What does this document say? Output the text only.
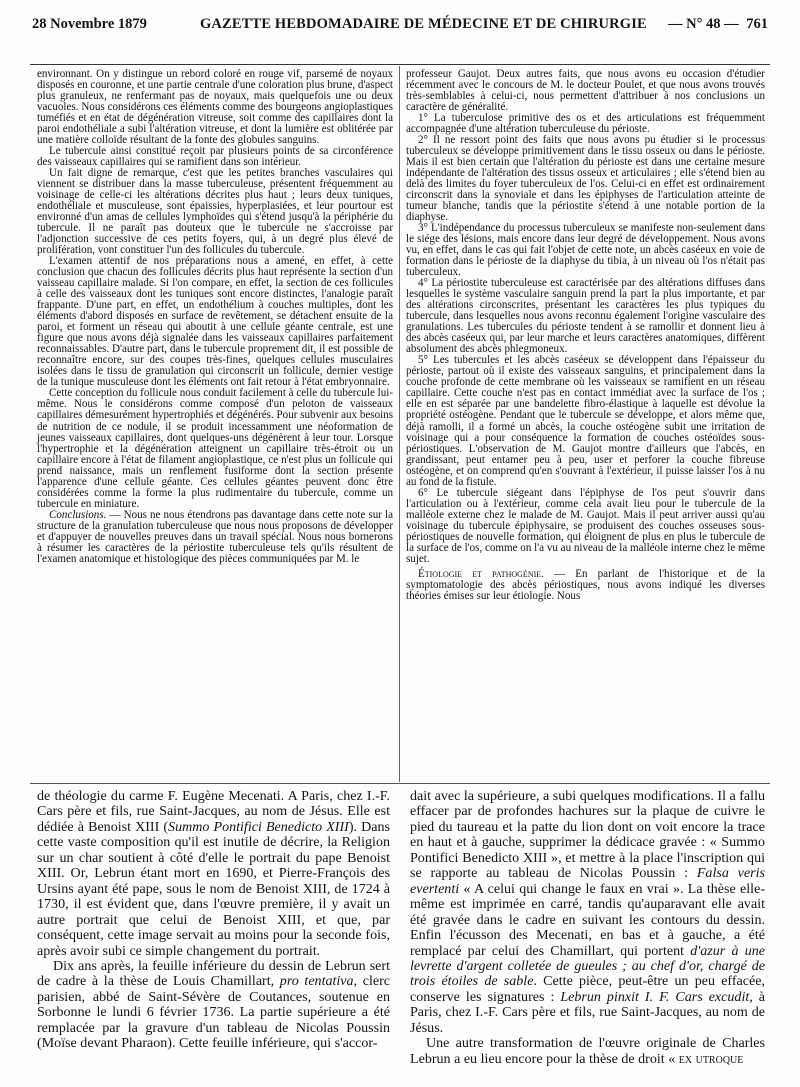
28 Novembre 1879	GAZETTE HEBDOMADAIRE DE MÉDECINE ET DE CHIRURGIE — N° 48 — 761

environnant. On y distingue un rebord coloré en rouge vif, parsemé de noyaux disposés en couronne, et une partie centrale d'une coloration plus brune, d'aspect plus granuleux, ne renfermant pas de noyaux, mais quelquefois une ou deux vacuoles. Nous considérons ces éléments comme des bourgeons angioplastiques tuméfiés et en état de dégénération vitreuse, soit comme des capillaires dont la paroi endothéliale a subi l'altération vitreuse, et dont la lumière est oblitérée par une matière colloïde résultant de la fonte des globules sanguins.

Le tubercule ainsi constitué reçoit par plusieurs points de sa circonférence des vaisseaux capillaires qui se ramifient dans son intérieur.

Un fait digne de remarque, c'est que les petites branches vasculaires qui viennent se distribuer dans la masse tuberculeuse, présentent fréquemment au voisinage de celle-ci les altérations décrites plus haut ; leurs deux tuniques, endothéliale et musculeuse, sont épaissies, hyperplasiées, et leur pourtour est environné d'un amas de cellules lymphoïdes qui s'étend jusqu'à la périphérie du tubercule. Il ne paraît pas douteux que le tubercule ne s'accroisse par l'adjonction successive de ces petits foyers, qui, à un degré plus élevé de prolifération, vont constituer l'un des follicules du tubercule.

L'examen attentif de nos préparations nous a amené, en effet, à cette conclusion que chacun des follicules décrits plus haut représente la section d'un vaisseau capillaire malade. Si l'on compare, en effet, la section de ces follicules à celle des vaisseaux dont les tuniques sont encore distinctes, l'analogie paraît frappante. D'une part, en effet, un endothélium à couches multiples, dont les éléments d'abord disposés en surface de revêtement, se détachent ensuite de la paroi, et forment un réseau qui aboutit à une cellule géante centrale, est une figure que nous avons déjà signalée dans les vaisseaux capillaires parfaitement reconnaissables. D'autre part, dans le tubercule proprement dit, il est possible de reconnaître encore, sur des coupes très-fines, quelques cellules musculaires isolées dans le tissu de granulation qui circonscrit un follicule, dernier vestige de la tunique musculeuse dont les éléments ont fait retour à l'état embryonnaire.

Cette conception du follicule nous conduit facilement à celle du tubercule lui-même. Nous le considérons comme composé d'un peloton de vaisseaux capillaires démesurément hypertrophiés et dégénérés. Pour subvenir aux besoins de nutrition de ce nodule, il se produit incessamment une néoformation de jeunes vaisseaux capillaires, dont quelques-uns dégénèrent à leur tour. Lorsque l'hypertrophie et la dégénération atteignent un capillaire très-étroit ou un capillaire encore à l'état de filament angioplastique, ce n'est plus un follicule qui prend naissance, mais un renflement fusiforme dont la section présente l'apparence d'une cellule géante. Ces cellules géantes peuvent donc être considérées comme la forme la plus rudimentaire du tubercule, comme un tubercule en miniature.

Conclusions. — Nous ne nous étendrons pas davantage dans cette note sur la structure de la granulation tuberculeuse que nous nous proposons de développer et d'appuyer de nouvelles preuves dans un travail spécial. Nous nous bornerons à résumer les caractères de la périostite tuberculeuse tels qu'ils résultent de l'examen anatomique et histologique des pièces communiquées par M. le

professeur Gaujot. Deux autres faits, que nous avons eu occasion d'étudier récemment avec le concours de M. le docteur Poulet, et que nous avons trouvés très-semblables à celui-ci, nous permettent d'attribuer à nos conclusions un caractère de généralité.

1° La tuberculose primitive des os et des articulations est fréquemment accompagnée d'une altération tuberculeuse du périoste.

2° Il ne ressort point des faits que nous avons pu étudier si le processus tuberculeux se développe primitivement dans le tissu osseux ou dans le périoste. Mais il est bien certain que l'altération du périoste est dans une certaine mesure indépendante de l'altération des tissus osseux et articulaires ; elle s'étend bien au delà des limites du foyer tuberculeux de l'os. Celui-ci en effet est ordinairement circonscrit dans la synoviale et dans les épiphyses de l'articulation atteinte de tumeur blanche, tandis que la périostite s'étend à une notable portion de la diaphyse.

3° L'indépendance du processus tuberculeux se manifeste non-seulement dans le siége des lésions, mais encore dans leur degré de développement. Nous avons vu, en effet, dans le cas qui fait l'objet de cette note, un abcès caséeux en voie de formation dans le périoste de la diaphyse du tibia, à un niveau où l'os n'était pas tuberculeux.

4° La périostite tuberculeuse est caractérisée par des altérations diffuses dans lesquelles le système vasculaire sanguin prend la part la plus importante, et par des altérations circonscrites, présentant les caractères les plus typiques du tubercule, dans lesquelles nous avons reconnu également l'origine vasculaire des granulations. Les tubercules du périoste tendent à se ramollir et donnent lieu à des abcès caséeux qui, par leur marche et leurs caractères anatomiques, diffèrent absolument des abcès phlegmoneux.

5° Les tubercules et les abcès caséeux se développent dans l'épaisseur du périoste, partout où il existe des vaisseaux sanguins, et principalement dans la couche profonde de cette membrane où les vaisseaux se ramifient en un réseau capillaire. Cette couche n'est pas en contact immédiat avec la surface de l'os ; elle en est séparée par une bandelette fibro-élastique à laquelle est dévolue la propriété ostéogène. Pendant que le tubercule se développe, et alors même que, déjà ramolli, il a formé un abcès, la couche ostéogène subit une irritation de voisinage qui a pour conséquence la formation de couches ostéoïdes sous-périostiques. L'observation de M. Gaujot montre d'ailleurs que l'abcès, en grandissant, peut entamer peu à peu, user et perforer la couche fibreuse ostéogène, et on comprend qu'en s'ouvrant à l'extérieur, il puisse laisser l'os à nu au fond de la fistule.

6° Le tubercule siégeant dans l'épiphyse de l'os peut s'ouvrir dans l'articulation ou à l'extérieur, comme cela avait lieu pour le tubercule de la malléole externe chez le malade de M. Gaujot. Mais il peut arriver aussi qu'au voisinage du tubercule épiphysaire, se produisent des couches osseuses sous-périostiques de nouvelle formation, qui éloignent de plus en plus le tubercule de la surface de l'os, comme on l'a vu au niveau de la malléole interne chez le même sujet.

Étiologie et pathogénie. — En parlant de l'historique et de la symptomatologie des abcès périostiques, nous avons indiqué les diverses théories émises sur leur étiologie. Nous

de théologie du carme F. Eugène Mecenati. A Paris, chez I.-F. Cars père et fils, rue Saint-Jacques, au nom de Jésus. Elle est dédiée à Benoist XIII (Summo Pontifici Benedicto XIII). Dans cette vaste composition qu'il est inutile de décrire, la Religion sur un char soutient à côté d'elle le portrait du pape Benoist XIII. Or, Lebrun étant mort en 1690, et Pierre-François des Ursins ayant été pape, sous le nom de Benoist XIII, de 1724 à 1730, il est évident que, dans l'œuvre première, il y avait un autre portrait que celui de Benoist XIII, et que, par conséquent, cette image servait au moins pour la seconde fois, après avoir subi ce simple changement du portrait.

Dix ans après, la feuille inférieure du dessin de Lebrun sert de cadre à la thèse de Louis Chamillart, pro tentativa, clerc parisien, abbé de Saint-Sévère de Coutances, soutenue en Sorbonne le lundi 6 février 1736. La partie supérieure a été remplacée par la gravure d'un tableau de Nicolas Poussin (Moïse devant Pharaon). Cette feuille inférieure, qui s'accor-

dait avec la supérieure, a subi quelques modifications. Il a fallu effacer par de profondes hachures sur la plaque de cuivre le pied du taureau et la patte du lion dont on voit encore la trace en haut et à gauche, supprimer la dédicace gravée : « Summo Pontifici Benedicto XIII », et mettre à la place l'inscription qui se rapporte au tableau de Nicolas Poussin : Falsa veris evertenti « A celui qui change le faux en vrai ». La thèse elle-même est imprimée en carré, tandis qu'auparavant elle avait été gravée dans le cadre en suivant les contours du dessin. Enfin l'écusson des Mecenati, en bas et à gauche, a été remplacé par celui des Chamillart, qui portent d'azur à une levrette d'argent colletée de gueules ; au chef d'or, chargé de trois étoiles de sable. Cette pièce, peut-être un peu effacée, conserve les signatures : Lebrun pinxit I. F. Cars excudit, à Paris, chez I.-F. Cars père et fils, rue Saint-Jacques, au nom de Jésus.

Une autre transformation de l'œuvre originale de Charles Lebrun a eu lieu encore pour la thèse de droit « ex utroque
